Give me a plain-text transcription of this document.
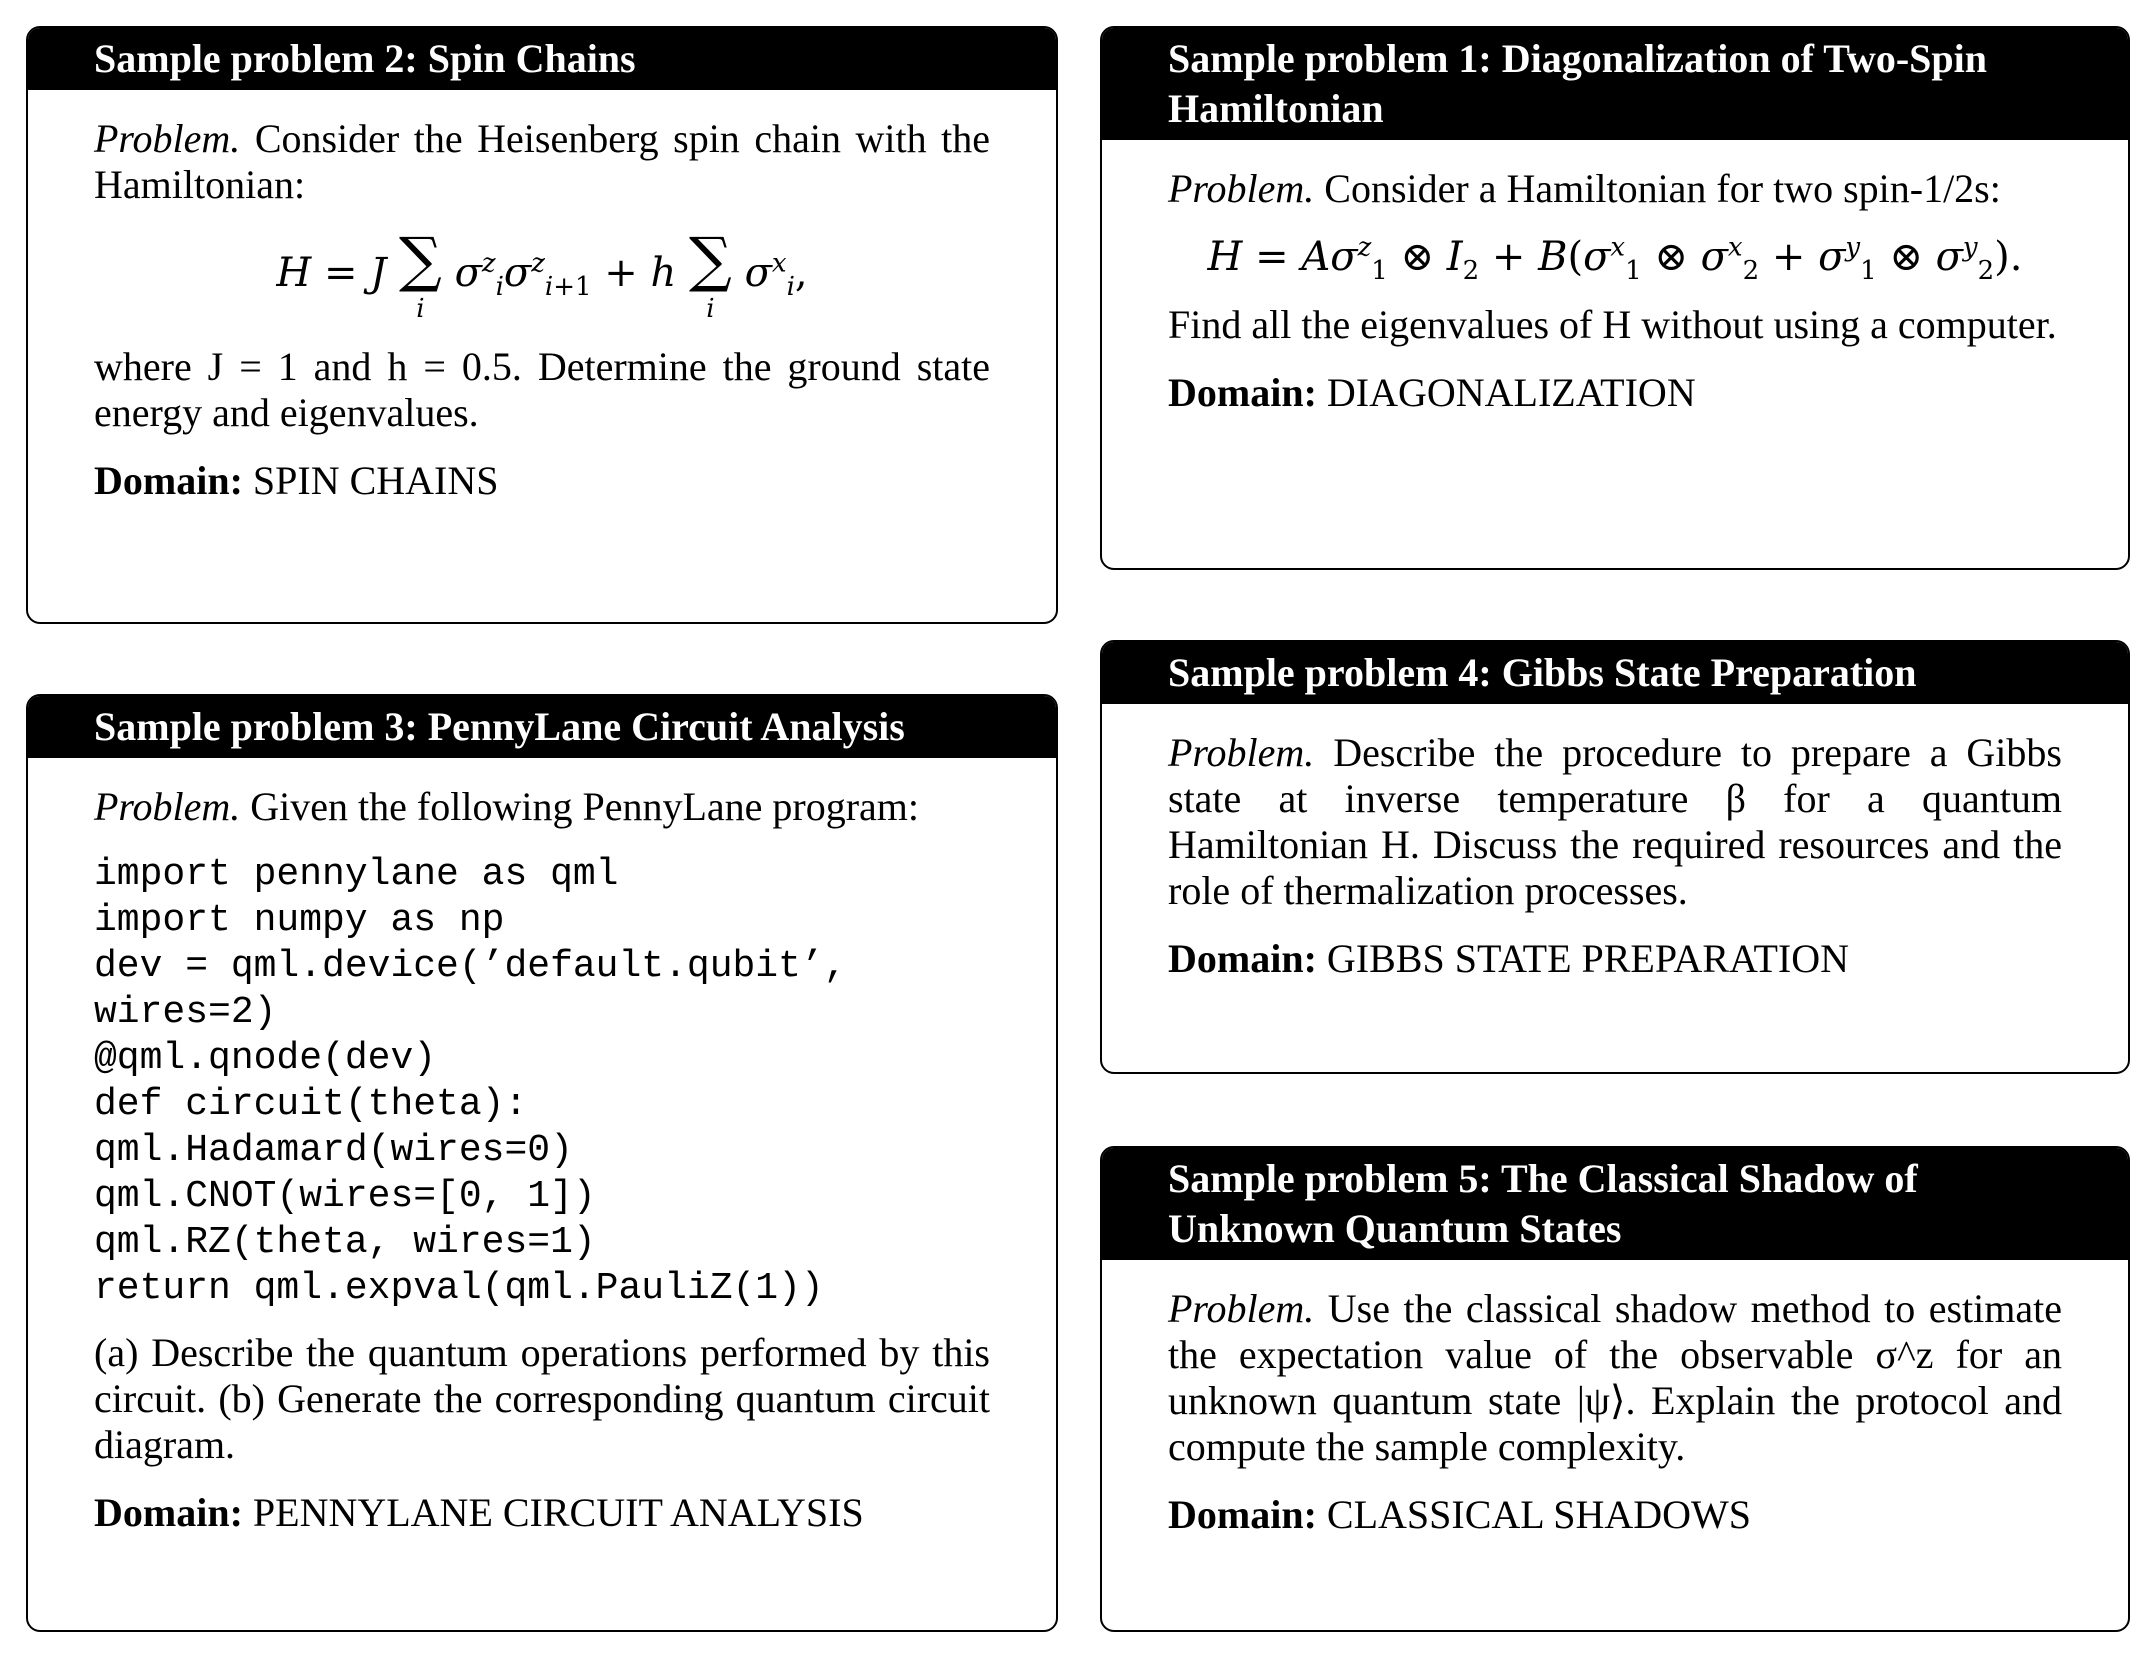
Sample problem 2: Spin Chains

Problem. Consider the Heisenberg spin chain with the Hamiltonian:

H = J ∑
i
$\sigma^z_i\sigma^z_{i+1} + h$ ∑
i
$\sigma^x_i$,

where J = 1 and h = 0.5. Determine the ground state energy and eigenvalues.

Domain: SPIN CHAINS

Sample problem 1: Diagonalization of Two-Spin Hamiltonian

Problem. Consider a Hamiltonian for two spin-1/2s:

$H = A\sigma^z_1$ ⊗ $I_2 + B(\sigma^x_1$ ⊗ $\sigma^x_2 + \sigma^y_1$ ⊗ $\sigma^y_2$).

Find all the eigenvalues of H without using a computer.

Domain: DIAGONALIZATION

Sample problem 3: PennyLane Circuit Analysis

Problem. Given the following PennyLane program:

import pennylane as qml
import numpy as np
dev = qml.device(’default.qubit’,
wires=2)
@qml.qnode(dev)
def circuit(theta):
qml.Hadamard(wires=0)
qml.CNOT(wires=[0, 1])
qml.RZ(theta, wires=1)
return qml.expval(qml.PauliZ(1))

(a) Describe the quantum operations performed by this circuit. (b) Generate the corresponding quantum circuit diagram.

Domain: PENNYLANE CIRCUIT ANALYSIS

Sample problem 4: Gibbs State Preparation

Problem. Describe the procedure to prepare a Gibbs state at inverse temperature β for a quantum Hamiltonian H. Discuss the required resources and the role of thermalization processes.

Domain: GIBBS STATE PREPARATION

Sample problem 5: The Classical Shadow of Unknown Quantum States

Problem. Use the classical shadow method to estimate the expectation value of the observable σ^z for an unknown quantum state |ψ⟩. Explain the protocol and compute the sample complexity.

Domain: CLASSICAL SHADOWS
